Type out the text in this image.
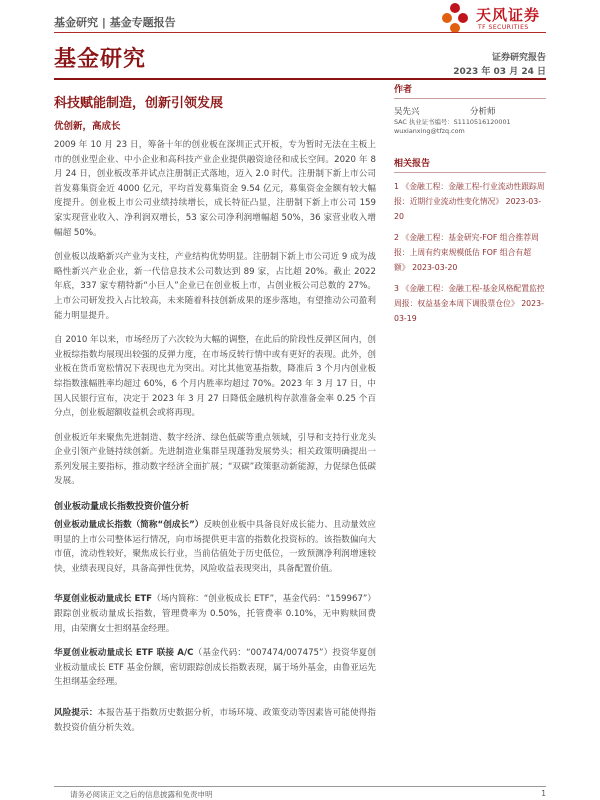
基金研究 | 基金专题报告	天风证券
TF SECURITIES
基金研究	证券研究报告
2023 年 03 月 24 日
科技赋能制造，创新引领发展
优创新，高成长

2009 年 10 月 23 日，筹备十年的创业板在深圳正式开板，专为暂时无法在主板上市的创业型企业、中小企业和高科技产业企业提供融资途径和成长空间。2020 年 8 月 24 日，创业板改革并试点注册制正式落地，迈入 2.0 时代。注册制下新上市公司首发募集资金近 4000 亿元，平均首发募集资金 9.54 亿元，募集资金金额有较大幅度提升。创业板上市公司业绩持续增长，成长特征凸显，注册制下新上市公司 159 家实现营业收入、净利润双增长，53 家公司净利润增幅超 50%，36 家营业收入增幅超 50%。

创业板以战略新兴产业为支柱，产业结构优势明显。注册制下新上市公司近 9 成为战略性新兴产业企业，新一代信息技术公司数达到 89 家，占比超 20%。截止 2022 年底，337 家专精特新“小巨人”企业已在创业板上市，占创业板公司总数的 27%。上市公司研发投入占比较高，未来随着科技创新成果的逐步落地，有望推动公司盈利能力明显提升。

自 2010 年以来，市场经历了六次较为大幅的调整，在此后的阶段性反弹区间内，创业板综指数均展现出较强的反弹力度，在市场反转行情中或有更好的表现。此外，创业板在货币宽松情况下表现也尤为突出。对比其他宽基指数，降准后 3 个月内创业板综指数涨幅胜率均超过 60%，6 个月内胜率均超过 70%。2023 年 3 月 17 日，中国人民银行宣布，决定于 2023 年 3 月 27 日降低金融机构存款准备金率 0.25 个百分点，创业板超额收益机会或将再现。

创业板近年来聚焦先进制造、数字经济、绿色低碳等重点领域，引导和支持行业龙头企业引领产业链持续创新。先进制造业集群呈现蓬勃发展势头；相关政策明确提出一系列发展主要指标，推动数字经济全面扩展；“双碳”政策驱动新能源，力促绿色低碳发展。

创业板动量成长指数投资价值分析

创业板动量成长指数（简称“创成长”）反映创业板中具备良好成长能力、且动量效应明显的上市公司整体运行情况，向市场提供更丰富的指数化投资标的。该指数偏向大市值，流动性较好，聚焦成长行业，当前估值处于历史低位，一致预测净利润增速较快，业绩表现良好，具备高弹性优势，风险收益表现突出，具备配置价值。

华夏创业板动量成长 ETF（场内简称：“创业板成长 ETF”，基金代码：“159967”）跟踪创业板动量成长指数，管理费率为 0.50%，托管费率 0.10%，无申购赎回费用，由荣膺女士担纲基金经理。

华夏创业板动量成长 ETF 联接 A/C（基金代码：“007474/007475”）投资华夏创业板动量成长 ETF 基金份额，密切跟踪创成长指数表现，属于场外基金，由鲁亚运先生担纲基金经理。

风险提示：本报告基于指数历史数据分析，市场环境、政策变动等因素皆可能使得指数投资价值分析失效。

作者
吴先兴	分析师
SAC 执业证书编号：S1110516120001
wuxianxing@tfzq.com
相关报告
1 《金融工程：金融工程-行业流动性跟踪周报：近期行业流动性变化情况》 2023-03-20
2 《金融工程：基金研究-FOF 组合推荐周报：上周有约束规模低估 FOF 组合有超额》 2023-03-20
3 《金融工程：金融工程-基金风格配置监控周报：权益基金本周下调股票仓位》 2023-03-19
请务必阅读正文之后的信息披露和免责申明	1
